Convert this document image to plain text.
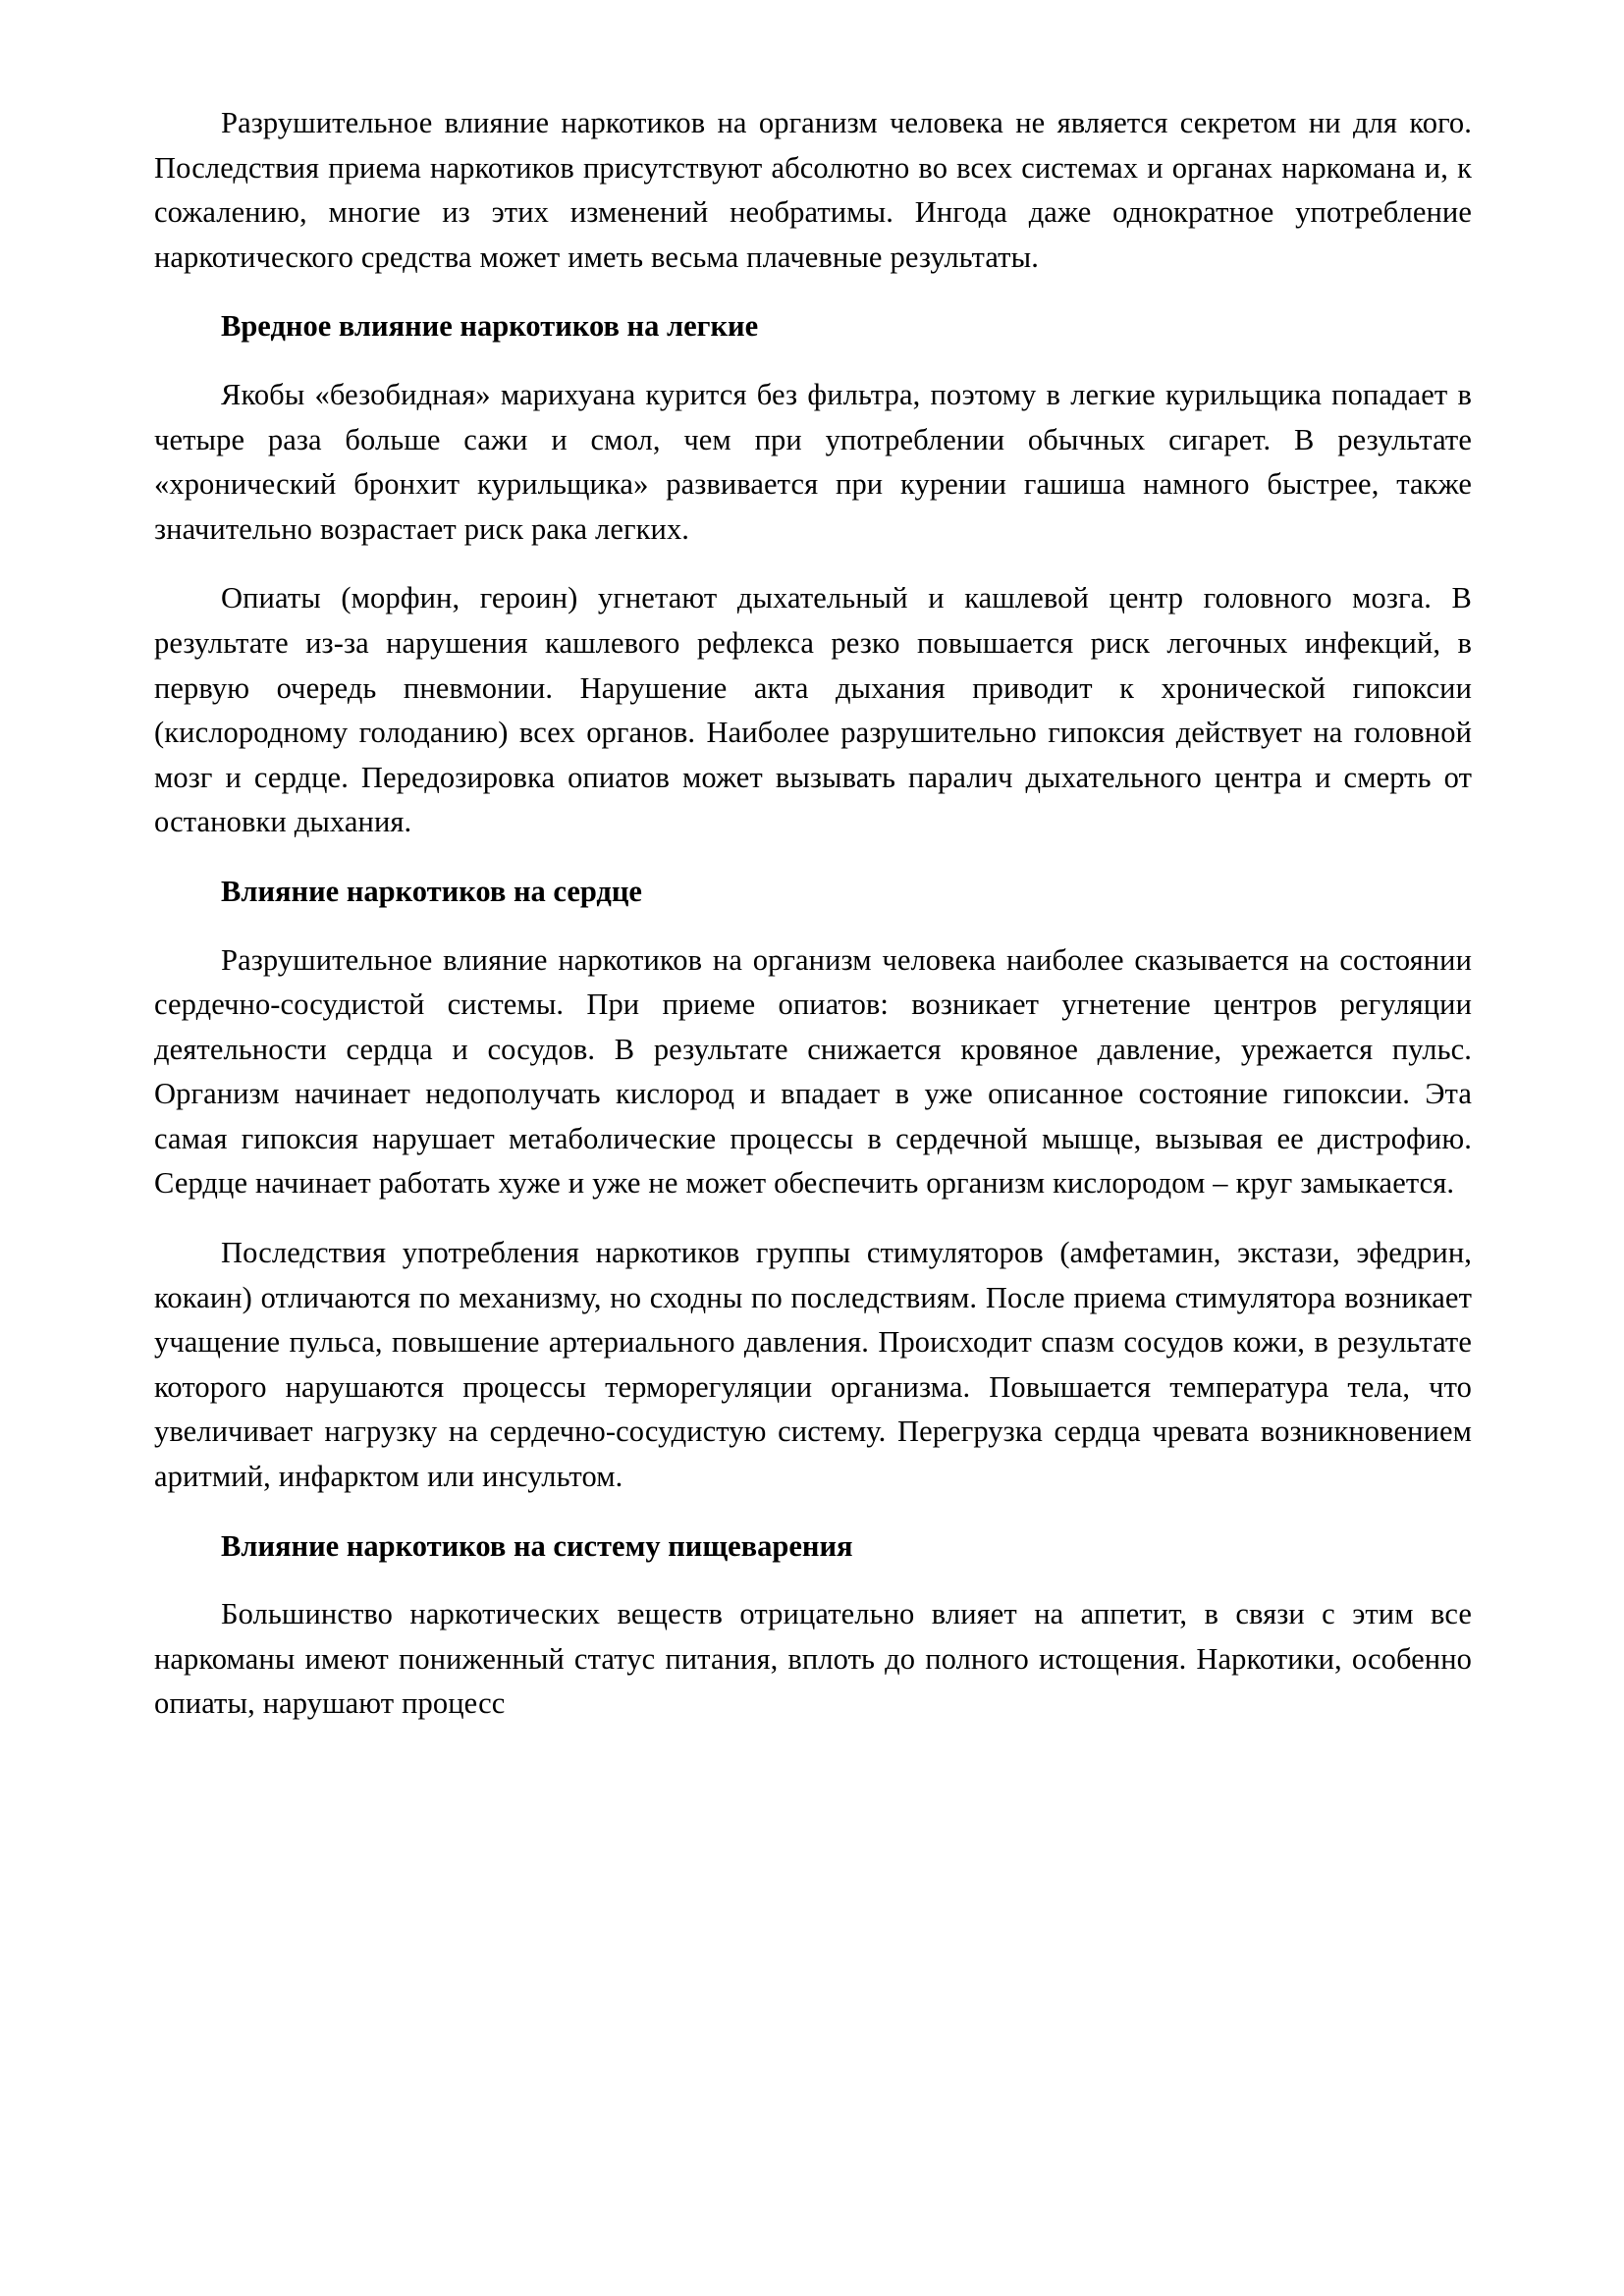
Разрушительное влияние наркотиков на организм человека не является секретом ни для кого. Последствия приема наркотиков присутствуют абсолютно во всех системах и органах наркомана и, к сожалению, многие из этих изменений необратимы. Ингода даже однократное употребление наркотического средства может иметь весьма плачевные результаты.

Вредное влияние наркотиков на легкие

Якобы «безобидная» марихуана курится без фильтра, поэтому в легкие курильщика попадает в четыре раза больше сажи и смол, чем при употреблении обычных сигарет. В результате «хронический бронхит курильщика» развивается при курении гашиша намного быстрее, также значительно возрастает риск рака легких.

Опиаты (морфин, героин) угнетают дыхательный и кашлевой центр головного мозга. В результате из-за нарушения кашлевого рефлекса резко повышается риск легочных инфекций, в первую очередь пневмонии. Нарушение акта дыхания приводит к хронической гипоксии (кислородному голоданию) всех органов. Наиболее разрушительно гипоксия действует на головной мозг и сердце. Передозировка опиатов может вызывать паралич дыхательного центра и смерть от остановки дыхания.

Влияние наркотиков на сердце

Разрушительное влияние наркотиков на организм человека наиболее сказывается на состоянии сердечно-сосудистой системы. При приеме опиатов: возникает угнетение центров регуляции деятельности сердца и сосудов. В результате снижается кровяное давление, урежается пульс. Организм начинает недополучать кислород и впадает в уже описанное состояние гипоксии. Эта самая гипоксия нарушает метаболические процессы в сердечной мышце, вызывая ее дистрофию. Сердце начинает работать хуже и уже не может обеспечить организм кислородом – круг замыкается.

Последствия употребления наркотиков группы стимуляторов (амфетамин, экстази, эфедрин, кокаин) отличаются по механизму, но сходны по последствиям. После приема стимулятора возникает учащение пульса, повышение артериального давления. Происходит спазм сосудов кожи, в результате которого нарушаются процессы терморегуляции организма. Повышается температура тела, что увеличивает нагрузку на сердечно-сосудистую систему. Перегрузка сердца чревата возникновением аритмий, инфарктом или инсультом.

Влияние наркотиков на систему пищеварения

Большинство наркотических веществ отрицательно влияет на аппетит, в связи с этим все наркоманы имеют пониженный статус питания, вплоть до полного истощения. Наркотики, особенно опиаты, нарушают процесс
